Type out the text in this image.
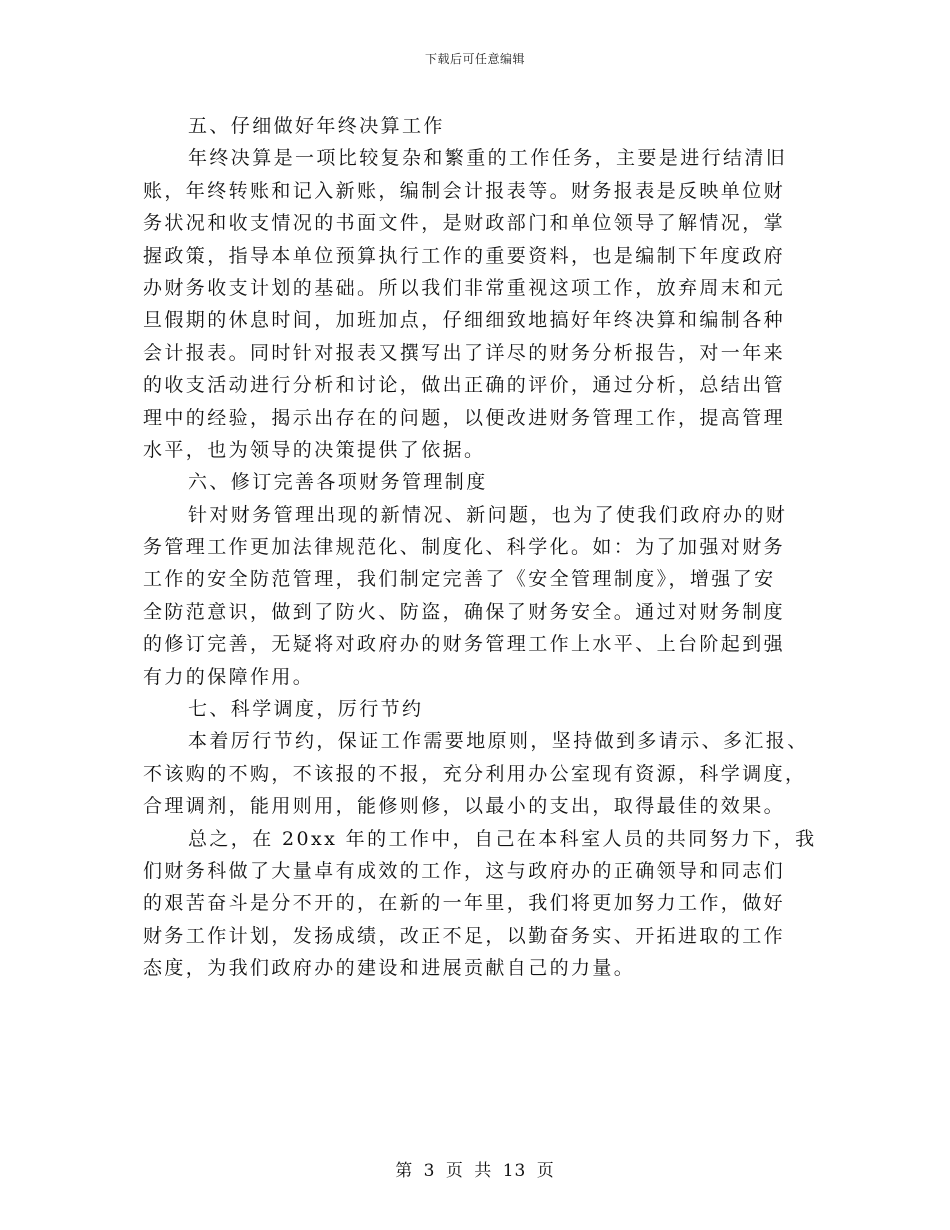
下载后可任意编辑
五、仔细做好年终决算工作
年终决算是一项比较复杂和繁重的工作任务，主要是进行结清旧
账，年终转账和记入新账，编制会计报表等。财务报表是反映单位财
务状况和收支情况的书面文件，是财政部门和单位领导了解情况，掌
握政策，指导本单位预算执行工作的重要资料，也是编制下年度政府
办财务收支计划的基础。所以我们非常重视这项工作，放弃周末和元
旦假期的休息时间，加班加点，仔细细致地搞好年终决算和编制各种
会计报表。同时针对报表又撰写出了详尽的财务分析报告，对一年来
的收支活动进行分析和讨论，做出正确的评价，通过分析，总结出管
理中的经验，揭示出存在的问题，以便改进财务管理工作，提高管理
水平，也为领导的决策提供了依据。
六、修订完善各项财务管理制度
针对财务管理出现的新情况、新问题，也为了使我们政府办的财
务管理工作更加法律规范化、制度化、科学化。如：为了加强对财务
工作的安全防范管理，我们制定完善了《安全管理制度》，增强了安
全防范意识，做到了防火、防盗，确保了财务安全。通过对财务制度
的修订完善，无疑将对政府办的财务管理工作上水平、上台阶起到强
有力的保障作用。
七、科学调度，厉行节约
本着厉行节约，保证工作需要地原则，坚持做到多请示、多汇报、
不该购的不购，不该报的不报，充分利用办公室现有资源，科学调度，
合理调剂，能用则用，能修则修，以最小的支出，取得最佳的效果。
总之，在 20xx 年的工作中，自己在本科室人员的共同努力下，我
们财务科做了大量卓有成效的工作，这与政府办的正确领导和同志们
的艰苦奋斗是分不开的，在新的一年里，我们将更加努力工作，做好
财务工作计划，发扬成绩，改正不足，以勤奋务实、开拓进取的工作
态度，为我们政府办的建设和进展贡献自己的力量。
第 3 页 共 13 页
